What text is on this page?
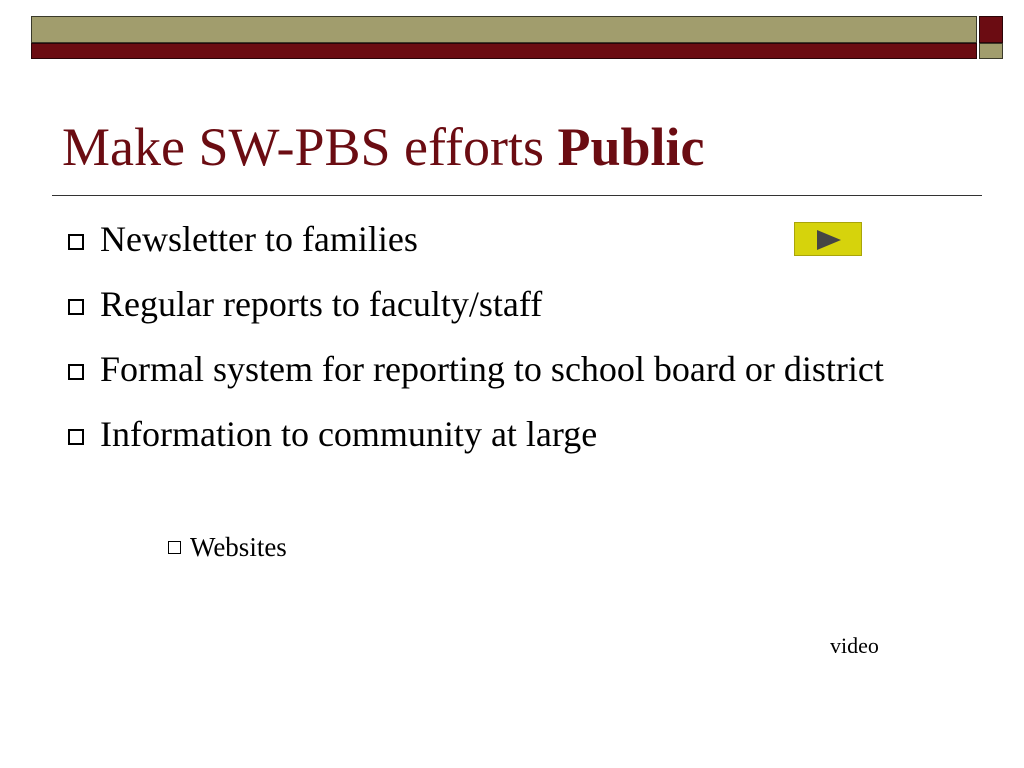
Make SW-PBS efforts Public
Newsletter to families
Regular reports to faculty/staff
Formal system for reporting to school board or district
Information to community at large
Websites
video
